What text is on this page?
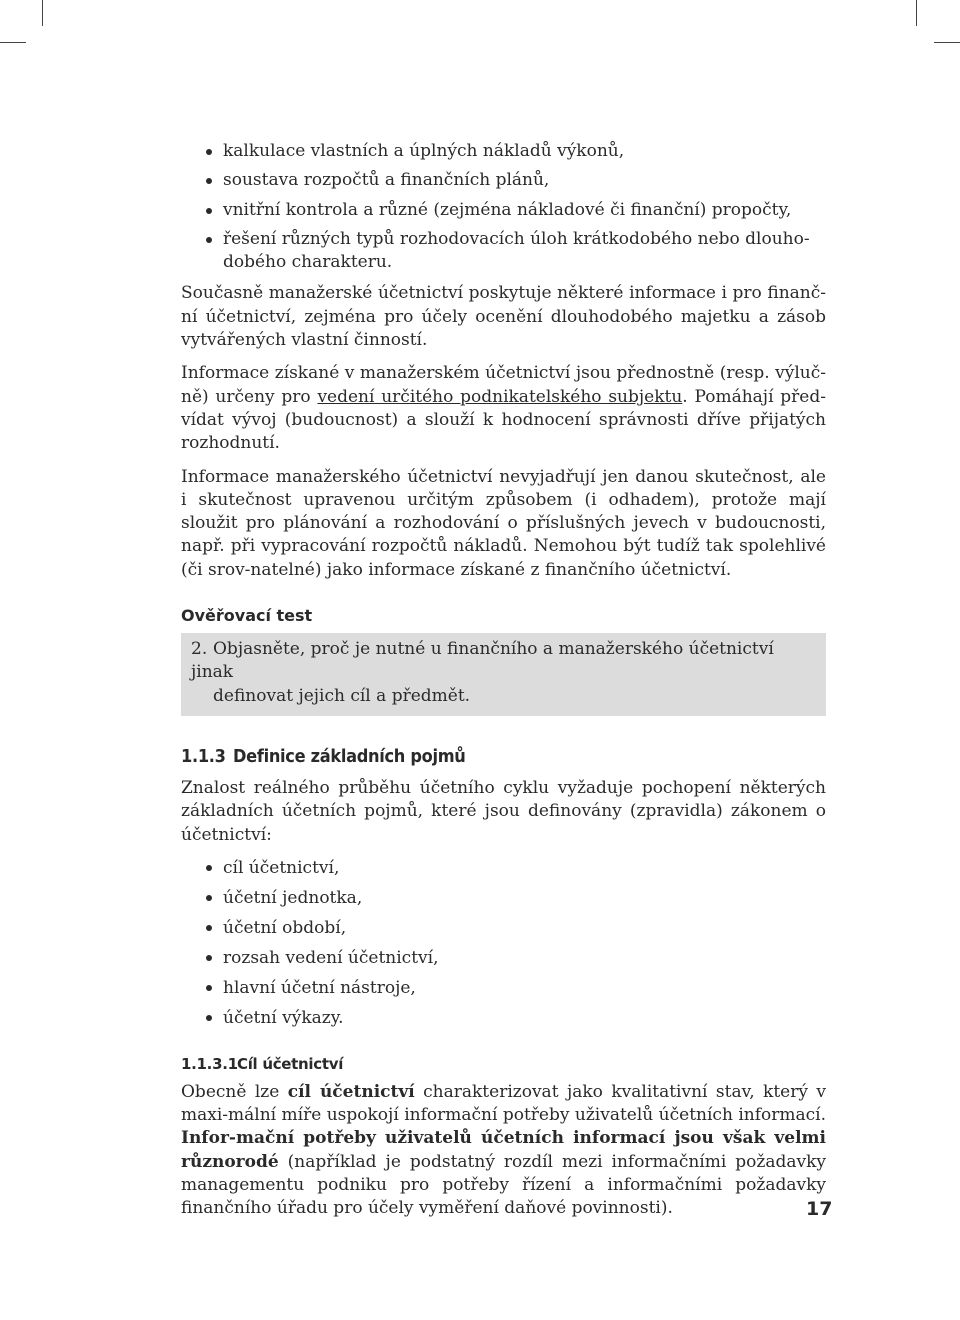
kalkulace vlastních a úplných nákladů výkonů,
soustava rozpočtů a finančních plánů,
vnitřní kontrola a různé (zejména nákladové či finanční) propočty,
řešení různých typů rozhodovacích úloh krátkodobého nebo dlouho-
dobého charakteru.

Současně manažerské účetnictví poskytuje některé informace i pro finanč-ní účetnictví, zejména pro účely ocenění dlouhodobého majetku a zásob vytvářených vlastní činností.

Informace získané v manažerském účetnictví jsou přednostně (resp. výluč-ně) určeny pro vedení určitého podnikatelského subjektu. Pomáhají před-vídat vývoj (budoucnost) a slouží k hodnocení správnosti dříve přijatých rozhodnutí.

Informace manažerského účetnictví nevyjadřují jen danou skutečnost, ale i skutečnost upravenou určitým způsobem (i odhadem), protože mají sloužit pro plánování a rozhodování o příslušných jevech v budoucnosti, např. při vypracování rozpočtů nákladů. Nemohou být tudíž tak spolehlivé (či srov-natelné) jako informace získané z finančního účetnictví.

Ověřovací test
2. Objasněte, proč je nutné u finančního a manažerského účetnictví jinak
definovat jejich cíl a předmět.
1.1.3 Definice základních pojmů

Znalost reálného průběhu účetního cyklu vyžaduje pochopení některých základních účetních pojmů, které jsou definovány (zpravidla) zákonem o účetnictví:

cíl účetnictví,
účetní jednotka,
účetní období,
rozsah vedení účetnictví,
hlavní účetní nástroje,
účetní výkazy.
1.1.3.1Cíl účetnictví

Obecně lze cíl účetnictví charakterizovat jako kvalitativní stav, který v maxi-mální míře uspokojí informační potřeby uživatelů účetních informací. Infor-mační potřeby uživatelů účetních informací jsou však velmi různorodé (například je podstatný rozdíl mezi informačními požadavky managementu podniku pro potřeby řízení a informačními požadavky finančního úřadu pro účely vyměření daňové povinnosti).	17
